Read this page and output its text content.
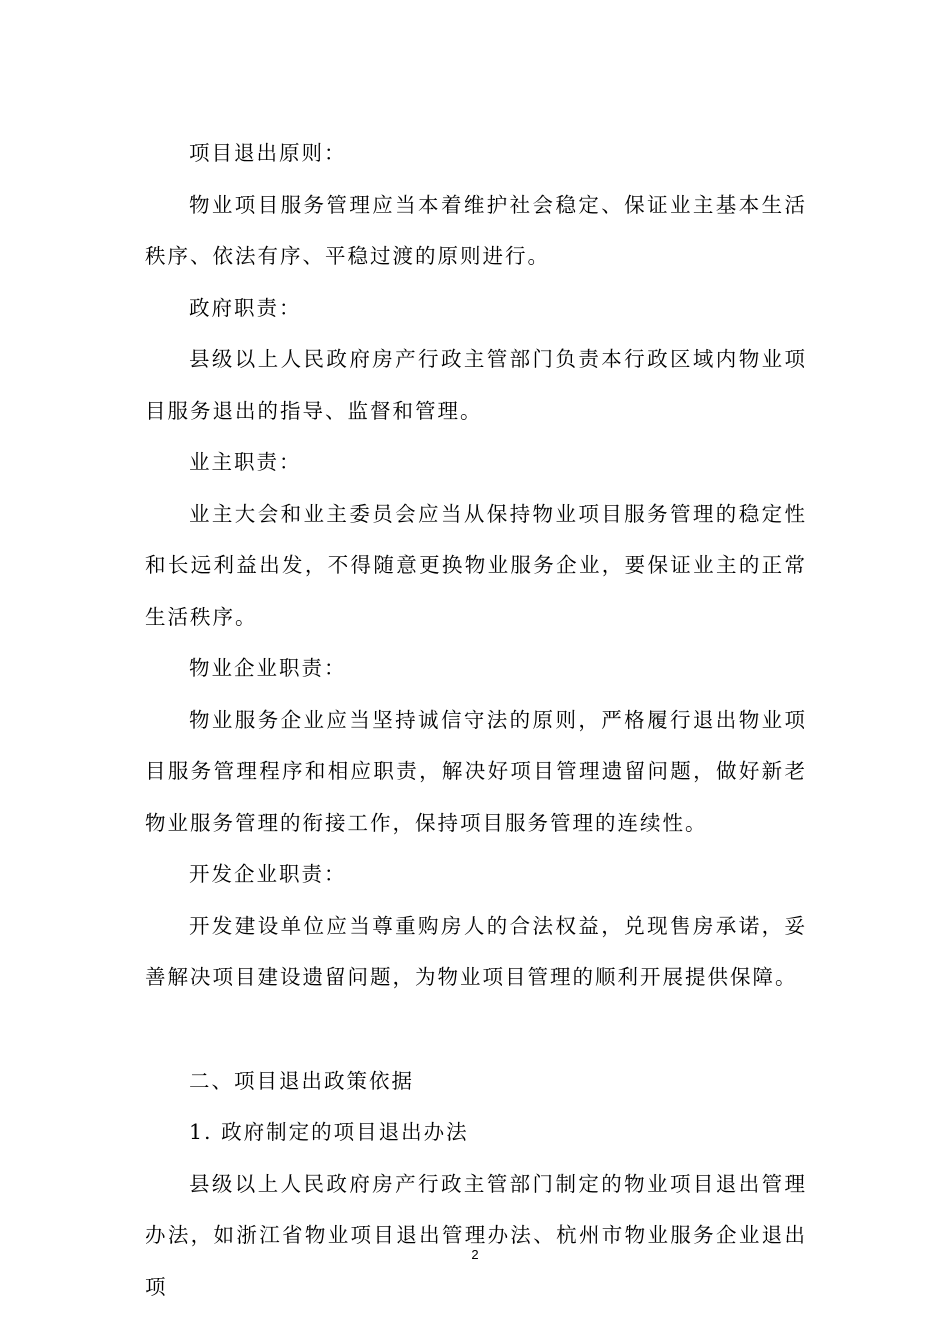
项目退出原则：

物业项目服务管理应当本着维护社会稳定、保证业主基本生活秩序、依法有序、平稳过渡的原则进行。

政府职责：

县级以上人民政府房产行政主管部门负责本行政区域内物业项目服务退出的指导、监督和管理。

业主职责：

业主大会和业主委员会应当从保持物业项目服务管理的稳定性和长远利益出发，不得随意更换物业服务企业，要保证业主的正常生活秩序。

物业企业职责：

物业服务企业应当坚持诚信守法的原则，严格履行退出物业项目服务管理程序和相应职责，解决好项目管理遗留问题，做好新老物业服务管理的衔接工作，保持项目服务管理的连续性。

开发企业职责：

开发建设单位应当尊重购房人的合法权益，兑现售房承诺，妥善解决项目建设遗留问题，为物业项目管理的顺利开展提供保障。

二、项目退出政策依据

1. 政府制定的项目退出办法

县级以上人民政府房产行政主管部门制定的物业项目退出管理办法，如浙江省物业项目退出管理办法、杭州市物业服务企业退出项

2
